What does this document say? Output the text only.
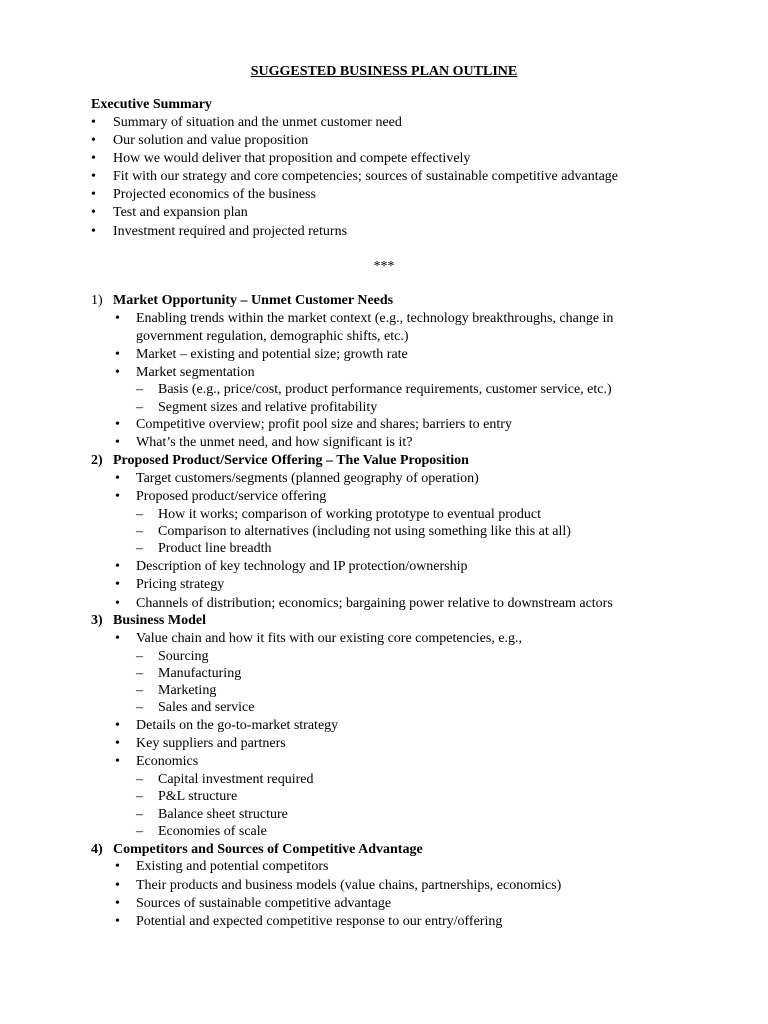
SUGGESTED BUSINESS PLAN OUTLINE
Executive Summary
• Summary of situation and the unmet customer need
• Our solution and value proposition
• How we would deliver that proposition and compete effectively
• Fit with our strategy and core competencies; sources of sustainable competitive advantage
• Projected economics of the business
• Test and expansion plan
• Investment required and projected returns
***
1) Market Opportunity – Unmet Customer Needs
• Enabling trends within the market context (e.g., technology breakthroughs, change in
government regulation, demographic shifts, etc.)
• Market – existing and potential size; growth rate
• Market segmentation
– Basis (e.g., price/cost, product performance requirements, customer service, etc.)
– Segment sizes and relative profitability
• Competitive overview; profit pool size and shares; barriers to entry
• What’s the unmet need, and how significant is it?
2) Proposed Product/Service Offering – The Value Proposition
• Target customers/segments (planned geography of operation)
• Proposed product/service offering
– How it works; comparison of working prototype to eventual product
– Comparison to alternatives (including not using something like this at all)
– Product line breadth
• Description of key technology and IP protection/ownership
• Pricing strategy
• Channels of distribution; economics; bargaining power relative to downstream actors
3) Business Model
• Value chain and how it fits with our existing core competencies, e.g.,
– Sourcing
– Manufacturing
– Marketing
– Sales and service
• Details on the go-to-market strategy
• Key suppliers and partners
• Economics
– Capital investment required
– P&L structure
– Balance sheet structure
– Economies of scale
4) Competitors and Sources of Competitive Advantage
• Existing and potential competitors
• Their products and business models (value chains, partnerships, economics)
• Sources of sustainable competitive advantage
• Potential and expected competitive response to our entry/offering
